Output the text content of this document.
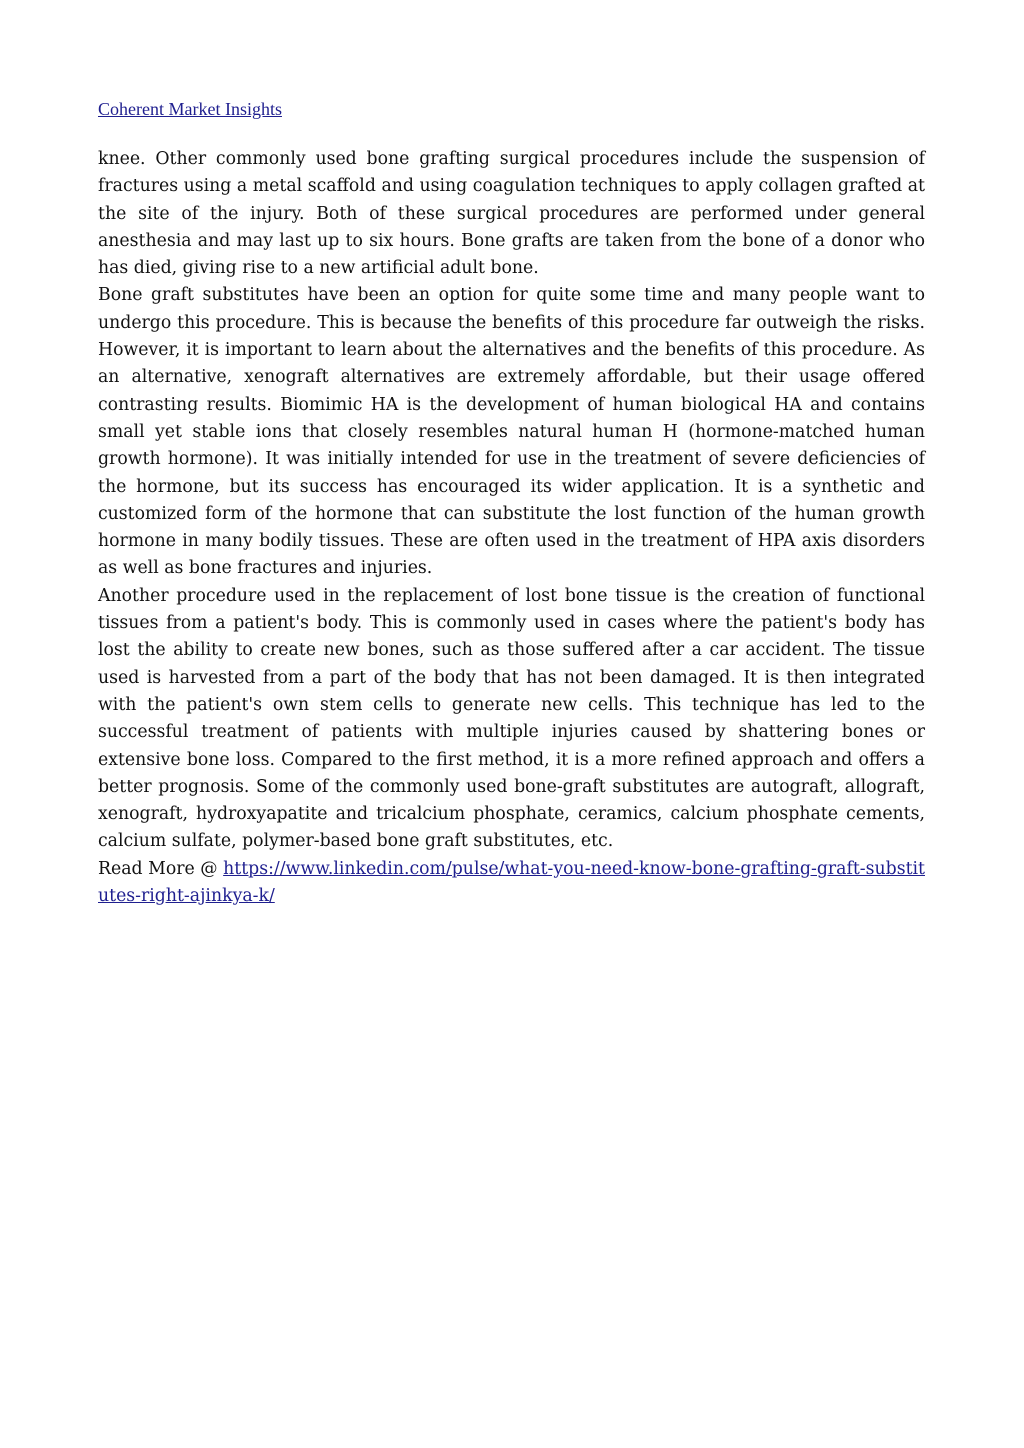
Coherent Market Insights

knee. Other commonly used bone grafting surgical procedures include the suspension of fractures using a metal scaffold and using coagulation techniques to apply collagen grafted at the site of the injury. Both of these surgical procedures are performed under general anesthesia and may last up to six hours. Bone grafts are taken from the bone of a donor who has died, giving rise to a new artificial adult bone.

Bone graft substitutes have been an option for quite some time and many people want to undergo this procedure. This is because the benefits of this procedure far outweigh the risks. However, it is important to learn about the alternatives and the benefits of this procedure. As an alternative, xenograft alternatives are extremely affordable, but their usage offered contrasting results. Biomimic HA is the development of human biological HA and contains small yet stable ions that closely resembles natural human H (hormone-matched human growth hormone). It was initially intended for use in the treatment of severe deficiencies of the hormone, but its success has encouraged its wider application. It is a synthetic and customized form of the hormone that can substitute the lost function of the human growth hormone in many bodily tissues. These are often used in the treatment of HPA axis disorders as well as bone fractures and injuries.

Another procedure used in the replacement of lost bone tissue is the creation of functional tissues from a patient's body. This is commonly used in cases where the patient's body has lost the ability to create new bones, such as those suffered after a car accident. The tissue used is harvested from a part of the body that has not been damaged. It is then integrated with the patient's own stem cells to generate new cells. This technique has led to the successful treatment of patients with multiple injuries caused by shattering bones or extensive bone loss. Compared to the first method, it is a more refined approach and offers a better prognosis. Some of the commonly used bone-graft substitutes are autograft, allograft, xenograft, hydroxyapatite and tricalcium phosphate, ceramics, calcium phosphate cements, calcium sulfate, polymer-based bone graft substitutes, etc.

Read More @ https://www.linkedin.com/pulse/what-you-need-know-bone-grafting-graft-substitutes-right-ajinkya-k/
